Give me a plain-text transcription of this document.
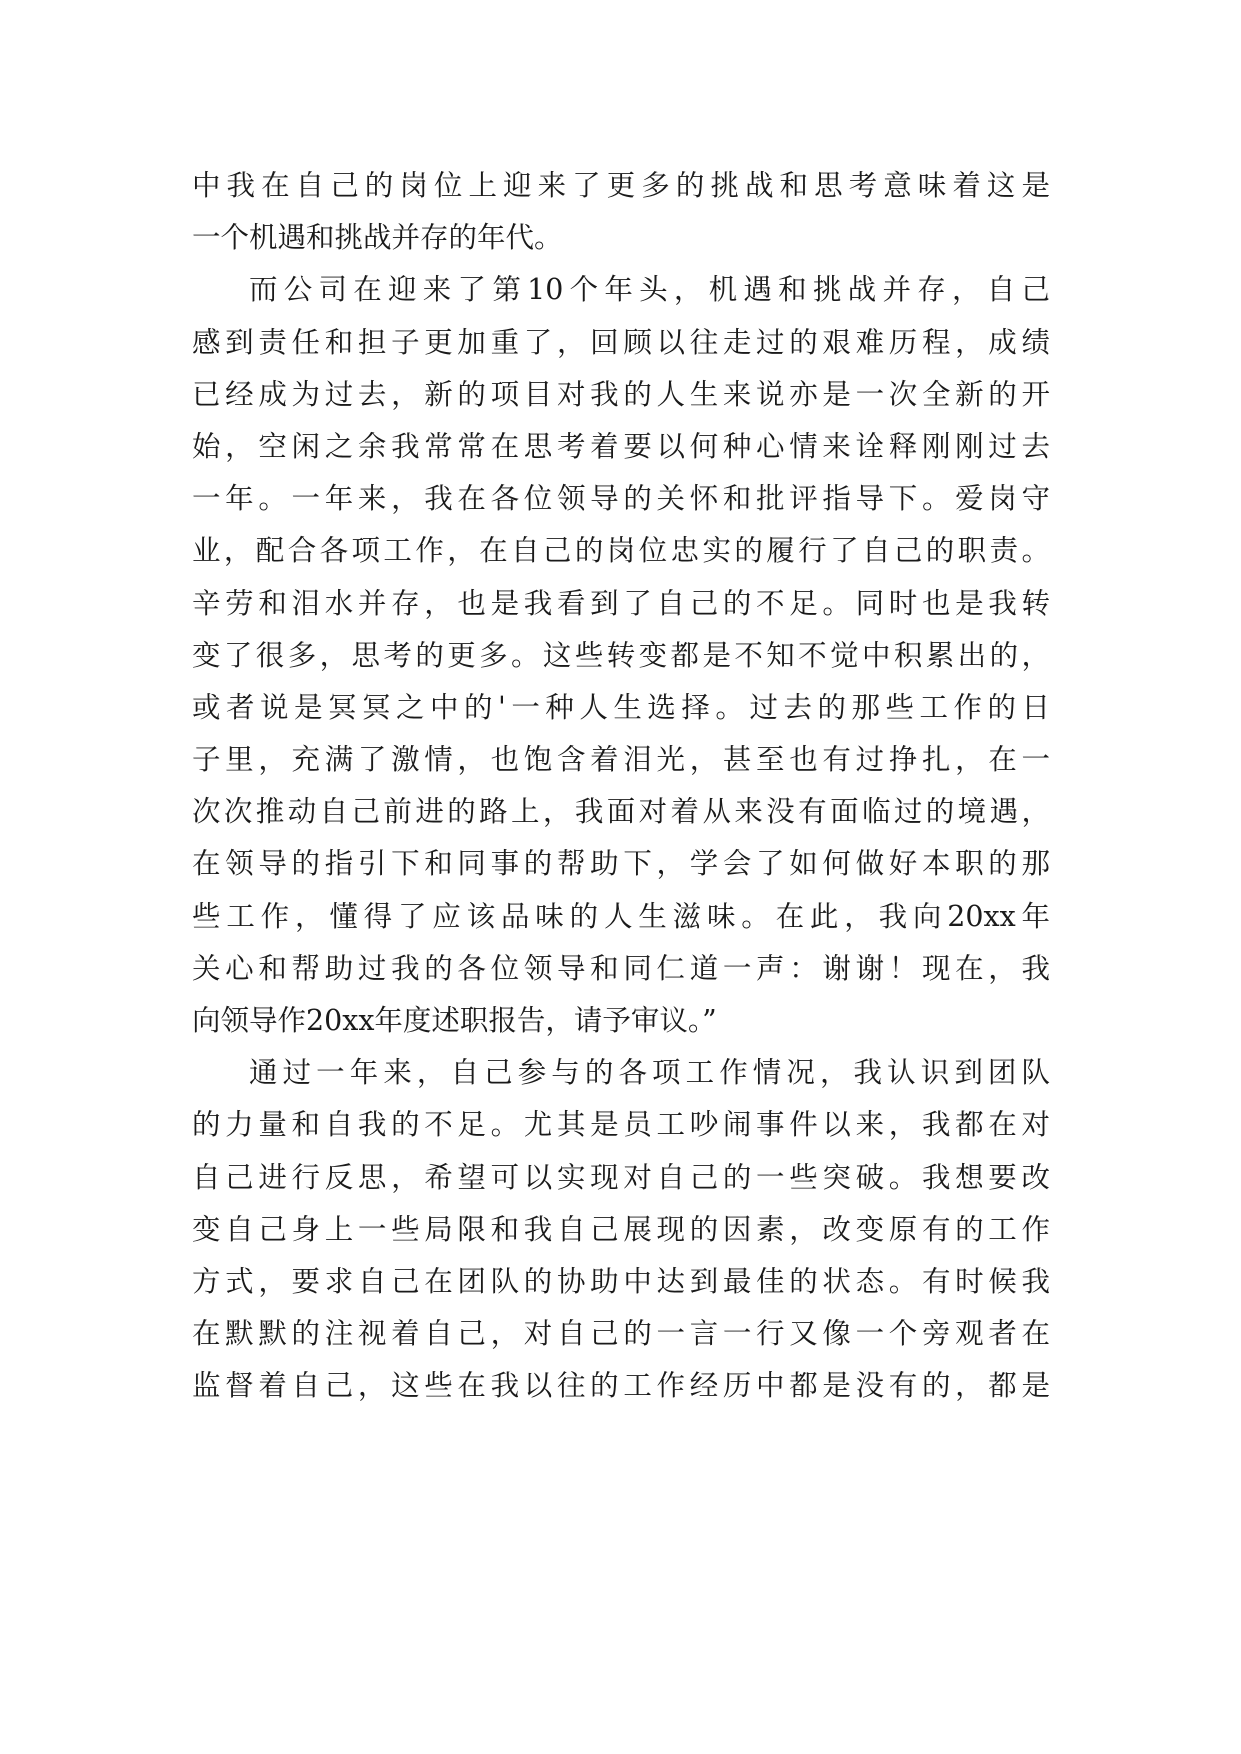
中我在自己的岗位上迎来了更多的挑战和思考意味着这是
一个机遇和挑战并存的年代。
而公司在迎来了第10个年头，机遇和挑战并存，自己
感到责任和担子更加重了，回顾以往走过的艰难历程，成绩
已经成为过去，新的项目对我的人生来说亦是一次全新的开
始，空闲之余我常常在思考着要以何种心情来诠释刚刚过去
一年。一年来，我在各位领导的关怀和批评指导下。爱岗守
业，配合各项工作，在自己的岗位忠实的履行了自己的职责。
辛劳和泪水并存，也是我看到了自己的不足。同时也是我转
变了很多，思考的更多。这些转变都是不知不觉中积累出的，
或者说是冥冥之中的'一种人生选择。过去的那些工作的日
子里，充满了激情，也饱含着泪光，甚至也有过挣扎，在一
次次推动自己前进的路上，我面对着从来没有面临过的境遇，
在领导的指引下和同事的帮助下，学会了如何做好本职的那
些工作，懂得了应该品味的人生滋味。在此，我向20xx年
关心和帮助过我的各位领导和同仁道一声：谢谢！现在，我
向领导作20xx年度述职报告，请予审议。”
通过一年来，自己参与的各项工作情况，我认识到团队
的力量和自我的不足。尤其是员工吵闹事件以来，我都在对
自己进行反思，希望可以实现对自己的一些突破。我想要改
变自己身上一些局限和我自己展现的因素，改变原有的工作
方式，要求自己在团队的协助中达到最佳的状态。有时候我
在默默的注视着自己，对自己的一言一行又像一个旁观者在
监督着自己，这些在我以往的工作经历中都是没有的，都是
